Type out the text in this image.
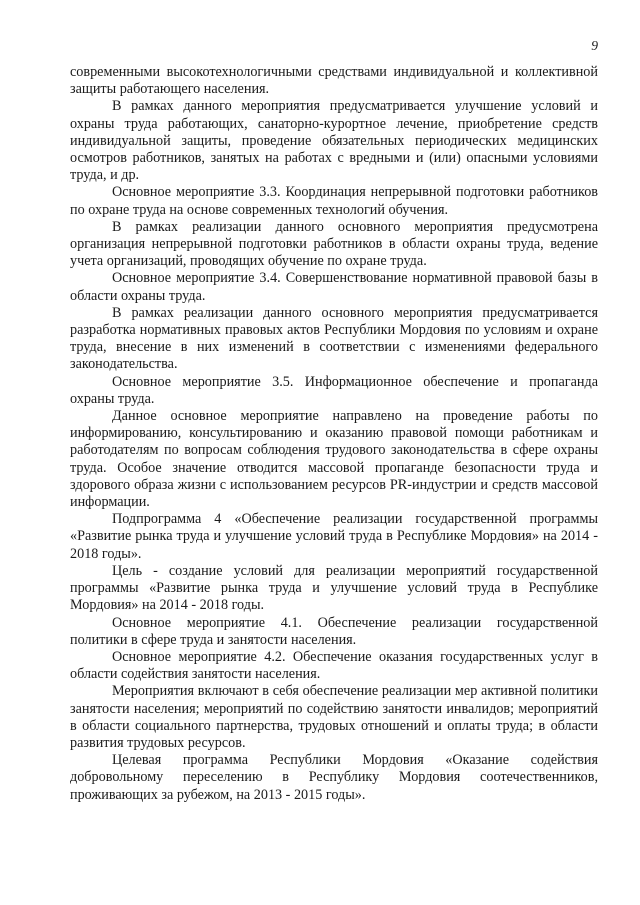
9

современными высокотехнологичными средствами индивидуальной и коллективной защиты работающего населения.

В рамках данного мероприятия предусматривается улучшение условий и охраны труда работающих, санаторно-курортное лечение, приобретение средств индивидуальной защиты, проведение обязательных периодических медицинских осмотров работников, занятых на работах с вредными и (или) опасными условиями труда, и др.

Основное мероприятие 3.3. Координация непрерывной подготовки работников по охране труда на основе современных технологий обучения.

В рамках реализации данного основного мероприятия предусмотрена организация непрерывной подготовки работников в области охраны труда, ведение учета организаций, проводящих обучение по охране труда.

Основное мероприятие 3.4. Совершенствование нормативной правовой базы в области охраны труда.

В рамках реализации данного основного мероприятия предусматривается разработка нормативных правовых актов Республики Мордовия по условиям и охране труда, внесение в них изменений в соответствии с изменениями федерального законодательства.

Основное мероприятие 3.5. Информационное обеспечение и пропаганда охраны труда.

Данное основное мероприятие направлено на проведение работы по информированию, консультированию и оказанию правовой помощи работникам и работодателям по вопросам соблюдения трудового законодательства в сфере охраны труда. Особое значение отводится массовой пропаганде безопасности труда и здорового образа жизни с использованием ресурсов PR-индустрии и средств массовой информации.

Подпрограмма 4 «Обеспечение реализации государственной программы «Развитие рынка труда и улучшение условий труда в Республике Мордовия» на 2014 - 2018 годы».

Цель - создание условий для реализации мероприятий государственной программы «Развитие рынка труда и улучшение условий труда в Республике Мордовия» на 2014 - 2018 годы.

Основное мероприятие 4.1. Обеспечение реализации государственной политики в сфере труда и занятости населения.

Основное мероприятие 4.2. Обеспечение оказания государственных услуг в области содействия занятости населения.

Мероприятия включают в себя обеспечение реализации мер активной политики занятости населения; мероприятий по содействию занятости инвалидов; мероприятий в области социального партнерства, трудовых отношений и оплаты труда; в области развития трудовых ресурсов.

Целевая программа Республики Мордовия «Оказание содействия добровольному переселению в Республику Мордовия соотечественников, проживающих за рубежом, на 2013 - 2015 годы».
